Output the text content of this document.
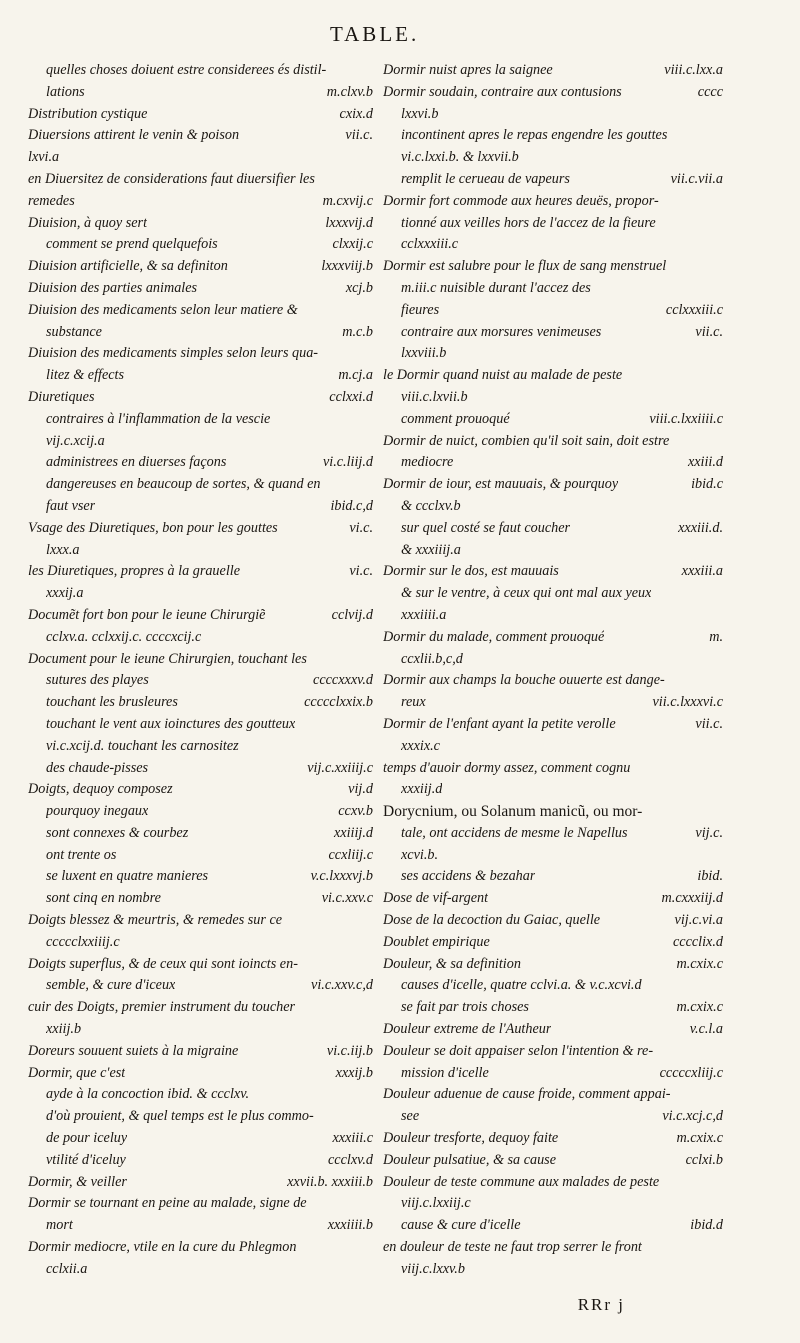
TABLE.
quelles choses doiuent estre considerees és distil-
lations	m.clxv.b
Distribution cystique	cxix.d
Diuersions attirent le venin & poison	vii.c.
lxvi.a
en Diuersitez de considerations faut diuersifier les
remedes	m.cxvij.c
Diuision, à quoy sert	lxxxvij.d
comment se prend quelquefois	clxxij.c
Diuision artificielle, & sa definiton	lxxxviij.b
Diuision des parties animales	xcj.b
Diuision des medicaments selon leur matiere &
substance	m.c.b
Diuision des medicaments simples selon leurs qua-
litez & effects	m.cj.a
Diuretiques	cclxxi.d
contraires à l'inflammation de la vescie
vij.c.xcij.a
administrees en diuerses façons	vi.c.liij.d
dangereuses en beaucoup de sortes, & quand en
faut vser	ibid.c,d
Vsage des Diuretiques, bon pour les gouttes	vi.c.
lxxx.a
les Diuretiques, propres à la grauelle	vi.c.
xxxij.a
Documẽt fort bon pour le ieune Chirurgiẽ	cclvij.d
cclxv.a. cclxxij.c. ccccxcij.c
Document pour le ieune Chirurgien, touchant les
sutures des playes	ccccxxxv.d
touchant les brusleures	ccccclxxix.b
touchant le vent aux ioinctures des goutteux
vi.c.xcij.d. touchant les carnositez
des chaude-pisses	vij.c.xxiiij.c
Doigts, dequoy composez	vij.d
pourquoy inegaux	ccxv.b
sont connexes & courbez	xxiiij.d
ont trente os	ccxliij.c
se luxent en quatre manieres	v.c.lxxxvj.b
sont cinq en nombre	vi.c.xxv.c
Doigts blessez & meurtris, & remedes sur ce
ccccclxxiiij.c
Doigts superflus, & de ceux qui sont ioincts en-
semble, & cure d'iceux	vi.c.xxv.c,d
cuir des Doigts, premier instrument du toucher
xxiij.b
Doreurs souuent suiets à la migraine	vi.c.iij.b
Dormir, que c'est	xxxij.b
ayde à la concoction ibid. & ccclxv.
d'où prouient, & quel temps est le plus commo-
de pour iceluy	xxxiii.c
vtilité d'iceluy	ccclxv.d
Dormir, & veiller	xxvii.b. xxxiii.b
Dormir se tournant en peine au malade, signe de
mort	xxxiiii.b
Dormir mediocre, vtile en la cure du Phlegmon
cclxii.a
Dormir nuist apres la saignee	viii.c.lxx.a
Dormir soudain, contraire aux contusions	cccc
lxxvi.b
incontinent apres le repas engendre les gouttes
vi.c.lxxi.b. & lxxvii.b
remplit le cerueau de vapeurs	vii.c.vii.a
Dormir fort commode aux heures deuës, propor-
tionné aux veilles hors de l'accez de la fieure
cclxxxiii.c
Dormir est salubre pour le flux de sang menstruel
m.iii.c nuisible durant l'accez des
fieures	cclxxxiii.c
contraire aux morsures venimeuses	vii.c.
lxxviii.b
le Dormir quand nuist au malade de peste
viii.c.lxvii.b
comment prouoqué	viii.c.lxxiiii.c
Dormir de nuict, combien qu'il soit sain, doit estre
mediocre	xxiii.d
Dormir de iour, est mauuais, & pourquoy	ibid.c
& ccclxv.b
sur quel costé se faut coucher	xxxiii.d.
& xxxiiij.a
Dormir sur le dos, est mauuais	xxxiii.a
& sur le ventre, à ceux qui ont mal aux yeux
xxxiiii.a
Dormir du malade, comment prouoqué	m.
ccxlii.b,c,d
Dormir aux champs la bouche ouuerte est dange-
reux	vii.c.lxxxvi.c
Dormir de l'enfant ayant la petite verolle	vii.c.
xxxix.c
temps d'auoir dormy assez, comment cognu
xxxiij.d
Dorycnium, ou Solanum manicũ, ou mor-
tale, ont accidens de mesme le Napellus	vij.c.
xcvi.b.
ses accidens & bezahar	ibid.
Dose de vif-argent	m.cxxxiij.d
Dose de la decoction du Gaiac, quelle	vij.c.vi.a
Doublet empirique	cccclix.d
Douleur, & sa definition	m.cxix.c
causes d'icelle, quatre cclvi.a. & v.c.xcvi.d
se fait par trois choses	m.cxix.c
Douleur extreme de l'Autheur	v.c.l.a
Douleur se doit appaiser selon l'intention & re-
mission d'icelle	cccccxliij.c
Douleur aduenue de cause froide, comment appai-
see	vi.c.xcj.c,d
Douleur tresforte, dequoy faite	m.cxix.c
Douleur pulsatiue, & sa cause	cclxi.b
Douleur de teste commune aux malades de peste
viij.c.lxxiij.c
cause & cure d'icelle	ibid.d
en douleur de teste ne faut trop serrer le front
viij.c.lxxv.b
RRr j
